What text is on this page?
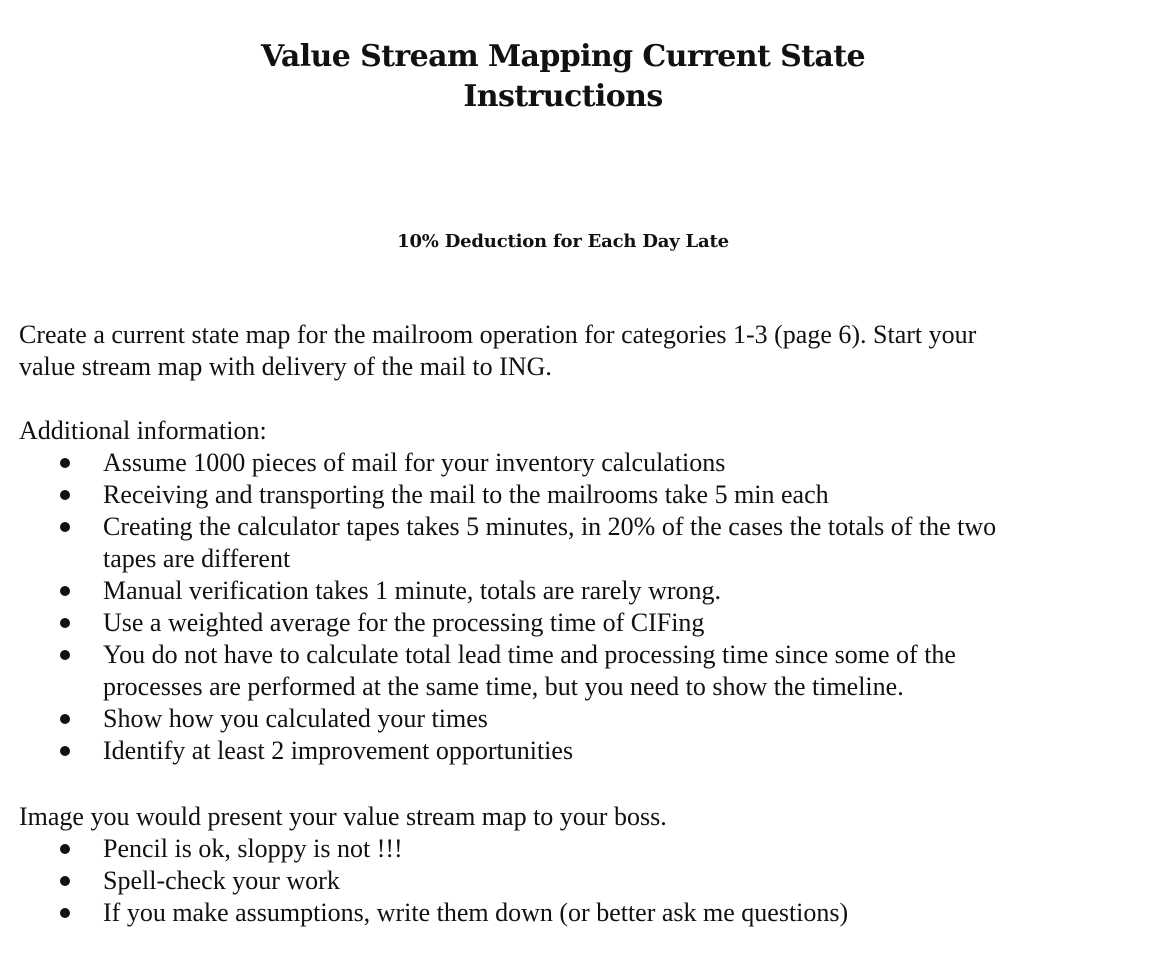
Value Stream Mapping Current State
Instructions
10% Deduction for Each Day Late
Create a current state map for the mailroom operation for categories 1-3 (page 6). Start your
value stream map with delivery of the mail to ING.
Additional information:
Assume 1000 pieces of mail for your inventory calculations
Receiving and transporting the mail to the mailrooms take 5 min each
Creating the calculator tapes takes 5 minutes, in 20% of the cases the totals of the two
tapes are different
Manual verification takes 1 minute, totals are rarely wrong.
Use a weighted average for the processing time of CIFing
You do not have to calculate total lead time and processing time since some of the
processes are performed at the same time, but you need to show the timeline.
Show how you calculated your times
Identify at least 2 improvement opportunities
Image you would present your value stream map to your boss.
Pencil is ok, sloppy is not !!!
Spell-check your work
If you make assumptions, write them down (or better ask me questions)
